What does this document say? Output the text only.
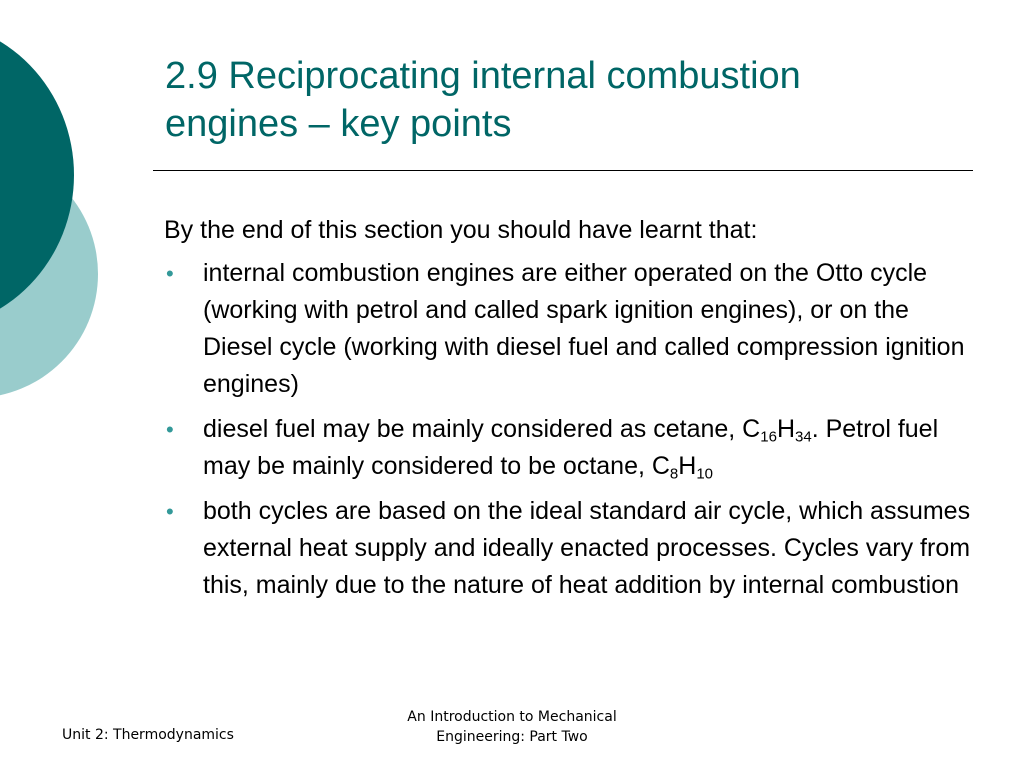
2.9 Reciprocating internal combustion
engines – key points

By the end of this section you should have learnt that:

• internal combustion engines are either operated on the Otto cycle (working with petrol and called spark ignition engines), or on the Diesel cycle (working with diesel fuel and called compression ignition engines)
• diesel fuel may be mainly considered as cetane, $C_{16}H_{34}$. Petrol fuel may be mainly considered to be octane, $C_8H_{10}$
• both cycles are based on the ideal standard air cycle, which assumes external heat supply and ideally enacted processes. Cycles vary from this, mainly due to the nature of heat addition by internal combustion
Unit 2: Thermodynamics
An Introduction to Mechanical
Engineering: Part Two
